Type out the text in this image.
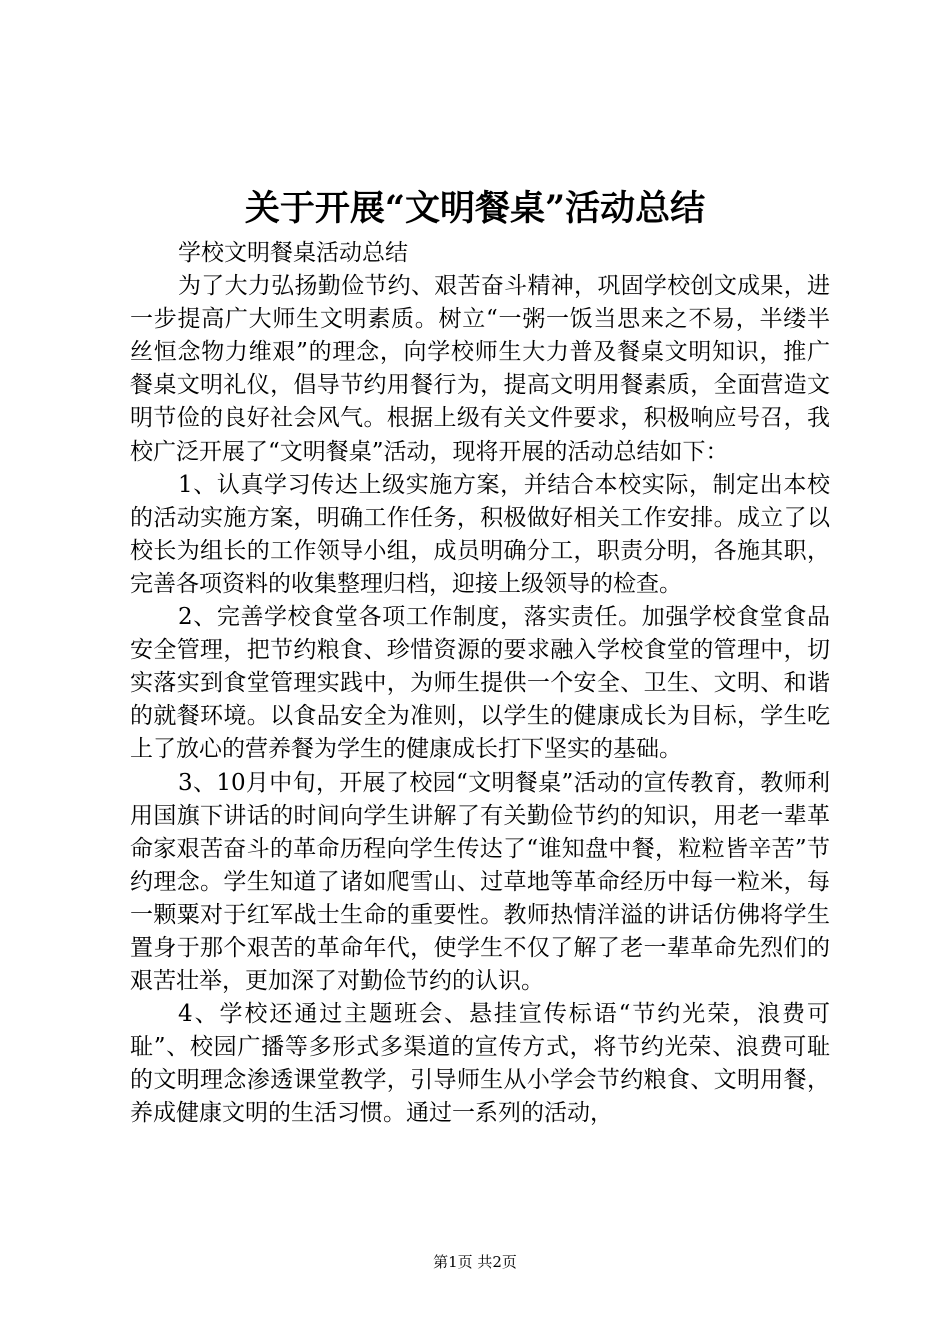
关于开展“文明餐桌”活动总结

学校文明餐桌活动总结

为了大力弘扬勤俭节约、艰苦奋斗精神，巩固学校创文成果，进一步提高广大师生文明素质。树立“一粥一饭当思来之不易，半缕半丝恒念物力维艰”的理念，向学校师生大力普及餐桌文明知识，推广餐桌文明礼仪，倡导节约用餐行为，提高文明用餐素质，全面营造文明节俭的良好社会风气。根据上级有关文件要求，积极响应号召，我校广泛开展了“文明餐桌”活动，现将开展的活动总结如下：

1、认真学习传达上级实施方案，并结合本校实际，制定出本校的活动实施方案，明确工作任务，积极做好相关工作安排。成立了以校长为组长的工作领导小组，成员明确分工，职责分明，各施其职，完善各项资料的收集整理归档，迎接上级领导的检查。

2、完善学校食堂各项工作制度，落实责任。加强学校食堂食品安全管理，把节约粮食、珍惜资源的要求融入学校食堂的管理中，切实落实到食堂管理实践中，为师生提供一个安全、卫生、文明、和谐的就餐环境。以食品安全为准则，以学生的健康成长为目标，学生吃上了放心的营养餐为学生的健康成长打下坚实的基础。

3、10月中旬，开展了校园“文明餐桌”活动的宣传教育，教师利用国旗下讲话的时间向学生讲解了有关勤俭节约的知识，用老一辈革命家艰苦奋斗的革命历程向学生传达了“谁知盘中餐，粒粒皆辛苦”节约理念。学生知道了诸如爬雪山、过草地等革命经历中每一粒米，每一颗粟对于红军战士生命的重要性。教师热情洋溢的讲话仿佛将学生置身于那个艰苦的革命年代，使学生不仅了解了老一辈革命先烈们的艰苦壮举，更加深了对勤俭节约的认识。

4、学校还通过主题班会、悬挂宣传标语“节约光荣，浪费可耻”、校园广播等多形式多渠道的宣传方式，将节约光荣、浪费可耻的文明理念渗透课堂教学，引导师生从小学会节约粮食、文明用餐，养成健康文明的生活习惯。通过一系列的活动，

第1页 共2页
